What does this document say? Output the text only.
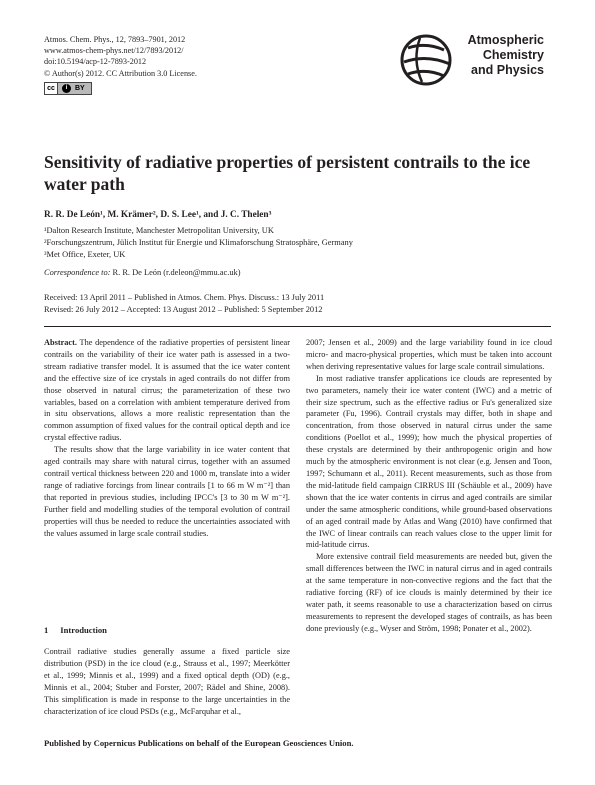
Atmos. Chem. Phys., 12, 7893–7901, 2012
www.atmos-chem-phys.net/12/7893/2012/
doi:10.5194/acp-12-7893-2012
© Author(s) 2012. CC Attribution 3.0 License.
cc	i	BY
Atmospheric
Chemistry
and Physics
Sensitivity of radiative properties of persistent contrails to the ice water path
R. R. De León¹, M. Krämer², D. S. Lee¹, and J. C. Thelen³
¹Dalton Research Institute, Manchester Metropolitan University, UK
²Forschungszentrum, Jülich Institut für Energie und Klimaforschung Stratosphäre, Germany
³Met Office, Exeter, UK
Correspondence to: R. R. De León (r.deleon@mmu.ac.uk)
Received: 13 April 2011 – Published in Atmos. Chem. Phys. Discuss.: 13 July 2011
Revised: 26 July 2012 – Accepted: 13 August 2012 – Published: 5 September 2012

Abstract. The dependence of the radiative properties of persistent linear contrails on the variability of their ice water path is assessed in a two-stream radiative transfer model. It is assumed that the ice water content and the effective size of ice crystals in aged contrails do not differ from those observed in natural cirrus; the parameterization of these two variables, based on a correlation with ambient temperature derived from in situ observations, allows a more realistic representation than the common assumption of fixed values for the contrail optical depth and ice crystal effective radius.

The results show that the large variability in ice water content that aged contrails may share with natural cirrus, together with an assumed contrail vertical thickness between 220 and 1000 m, translate into a wider range of radiative forcings from linear contrails [1 to 66 m W m⁻²] than that reported in previous studies, including IPCC's [3 to 30 m W m⁻²]. Further field and modelling studies of the temporal evolution of contrail properties will thus be needed to reduce the uncertainties associated with the values assumed in large scale contrail studies.

1 Introduction

Contrail radiative studies generally assume a fixed particle size distribution (PSD) in the ice cloud (e.g., Strauss et al., 1997; Meerkötter et al., 1999; Minnis et al., 1999) and a fixed optical depth (OD) (e.g., Minnis et al., 2004; Stuber and Forster, 2007; Rädel and Shine, 2008). This simplification is made in response to the large uncertainties in the characterization of ice cloud PSDs (e.g., McFarquhar et al.,

2007; Jensen et al., 2009) and the large variability found in ice cloud micro- and macro-physical properties, which must be taken into account when deriving representative values for large scale contrail simulations.

In most radiative transfer applications ice clouds are represented by two parameters, namely their ice water content (IWC) and a metric of their size spectrum, such as the effective radius or Fu's generalized size parameter (Fu, 1996). Contrail crystals may differ, both in shape and concentration, from those observed in natural cirrus under the same conditions (Poellot et al., 1999); how much the physical properties of these crystals are determined by their anthropogenic origin and how much by the atmospheric environment is not clear (e.g. Jensen and Toon, 1997; Schumann et al., 2011). Recent measurements, such as those from the mid-latitude field campaign CIRRUS III (Schäuble et al., 2009) have shown that the ice water contents in cirrus and aged contrails are similar under the same atmospheric conditions, while ground-based observations of an aged contrail made by Atlas and Wang (2010) have confirmed that the IWC of linear contrails can reach values close to the upper limit for mid-latitude cirrus.

More extensive contrail field measurements are needed but, given the small differences between the IWC in natural cirrus and in aged contrails at the same temperature in non-convective regions and the fact that the radiative forcing (RF) of ice clouds is mainly determined by their ice water path, it seems reasonable to use a characterization based on cirrus measurements to represent the developed stages of contrails, as has been done previously (e.g., Wyser and Ström, 1998; Ponater et al., 2002).

Published by Copernicus Publications on behalf of the European Geosciences Union.
